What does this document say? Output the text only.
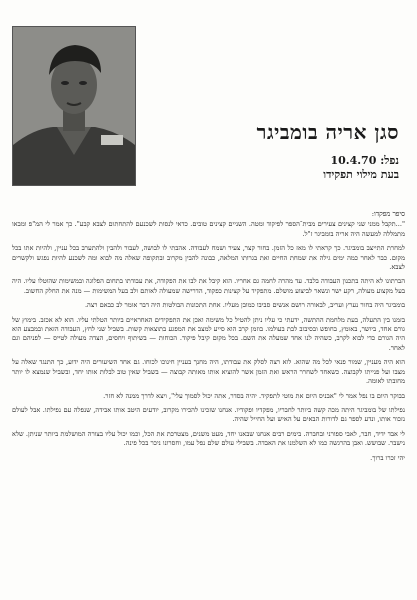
סגן אריה בומביגר
נפל: 10.4.70
בעת מילוי תפקידו
סיפר מפקדו:

"...תקבל ממני שני קצינים צעירים מבית־הספר לפיקוד ומטה. השניים קצינים טובים. כדאי לנסות לשכנעם להתחתום לצבא קבע". כך אמר לי המ"פ ומבאו מתמללה למעשה היה אריה בומביגר ז"ל.

למחרת התייצב בומביגר. כך קראתי לו מאז כל הזמן. בחור קצר, צעיר ושמח לעבודה. אהבתי לו לבושה, לעבור ולהבין ולהתערב בכל עניין, ולהיות אתו בכל מקום. כבר לאחר כמה ימים גילה את שמחת החיים ואת בגרותו המלאה, כבונה להבין מקרוב ובתקופה שאלה מה לבוא ומה לשכנע להיות נפגש ולקשרים לצבא.

הברתונו לא היתה בתכנון העבודה בלבד. עד מהרה לחמה גם אחריו. הוא קיבל את לבו את הפקודה, את עבודתו בתחום הפלוגה ובמשימות שהוטלו עליו. היה בעל מקצוע מעולה, רקע ישר ונשאר לביצוע מושלם. מתפקיד על קצינות כפקוד, הדרישה שמעולה לאותם ולב בעל המשימות — מנה את החלק החשוב.

בומביגר היה בחור נערץ ועריב, לבאורה רושם אנשים סביבו כמובן מעליו. אחת התכונות הבולטות היה דבר אומר לב כבאם רצה.

בזמנו בין התעלה, בעת מלחמת ההתשה, ידעתי כי עליו ניתן להטיל כל משימה ואכן את התפקידים האחראיים ביותר הטלתי עליו. הוא לא אכזב. בימוץ של גורם אחד, ביושר, באומץ, בחופש ובסיבוב לבת בעולמו. בוזמן קרב הוא סייע למצב את המפגע בתוצאות קשות. בשביל שני לחץ, העבודה הזאת ובמבצע הוא היה הגורם כדי לבוא לקרב, כשהיה לנו אחד שמעלה את השם. בכל מקום קיבל פיקוד. הכוחות — בשיתוף ויחסים, הצדה מעולה לטייס — לפניהם וגם לאחר.

הוא היה מעניין, שמור פנאי לכל מה שהוא. לוא רצה לסלק את עבודתו, היה מחנך בעניין חינוכו לכוחו. גם אחד השיעורים היה ידוע, כך התנגד שאלה על מצבו ועל פנייתו לקבוצה. כשאחד לשחרר הראש ואת הזמן אשר להוציא אותו מאותה קבוצה — בשביל שאין טוב לבלות אותו יחד, ובשביל שנמצא לו יותר מחובתו לאומה.

בבוקר היום בו נפל אמר לי "אבניס היום את מוטי לתפקיד. יהיה בסדר, אתה יכול לסמוך עלי", ויצא לדרך ממנה לא חזר.

נפילתו של בומביגר היתה מכה קשה ביותר לחבריו, מפקדיו ופקודיו. אנחנו שזכינו להכירו מקרוב, יודעים היטב אותו אבידה, שנפלה עם נפילתו. אבל לעולם נזכור אותו, ונדע לספר גם לדורות הבאים על האיש ועל החייל שהיה.

לי אבד ידיד, חבר, לאבי ספורני ובחברה. בימים רבים אנחנו שבאנו יחד, מעט משנים, מצטרכת את הכל, וכמו יכול עליו בצורה המושלמת ביותר שניתן. שלא נישבר. שבושש. ואבן בהרגשה כמו לא השלמנו את האבדה. בשבילי עולם שלם נפל עמו, וחסרונו ניכר בכל פינה.

יהי זכרו ברוך.
